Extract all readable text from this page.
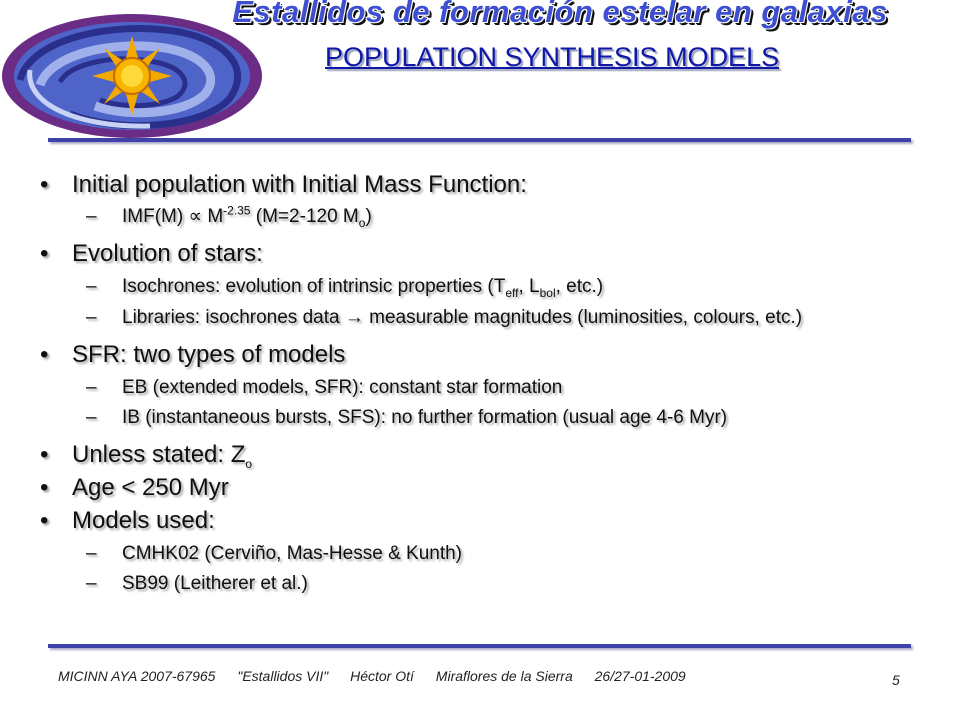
Estallidos de formación estelar en galaxias
POPULATION SYNTHESIS MODELS
• Initial population with Initial Mass Function:
– $IMF(M) \propto M^{-2.35}$ (M=2-120 $M_o$)
• Evolution of stars:
– Isochrones: evolution of intrinsic properties ($T_{eff}$, $L_{bol}$, etc.)
– Libraries: isochrones data → measurable magnitudes (luminosities, colours, etc.)
• SFR: two types of models
– EB (extended models, SFR): constant star formation
– IB (instantaneous bursts, SFS): no further formation (usual age 4-6 Myr)
• Unless stated: $Z_o$
• Age < 250 Myr
• Models used:
– CMHK02 (Cerviño, Mas-Hesse & Kunth)
– SB99 (Leitherer et al.)
MICINN AYA 2007-67965 "Estallidos VII" Héctor Otí Miraflores de la Sierra 26/27-01-2009	5
